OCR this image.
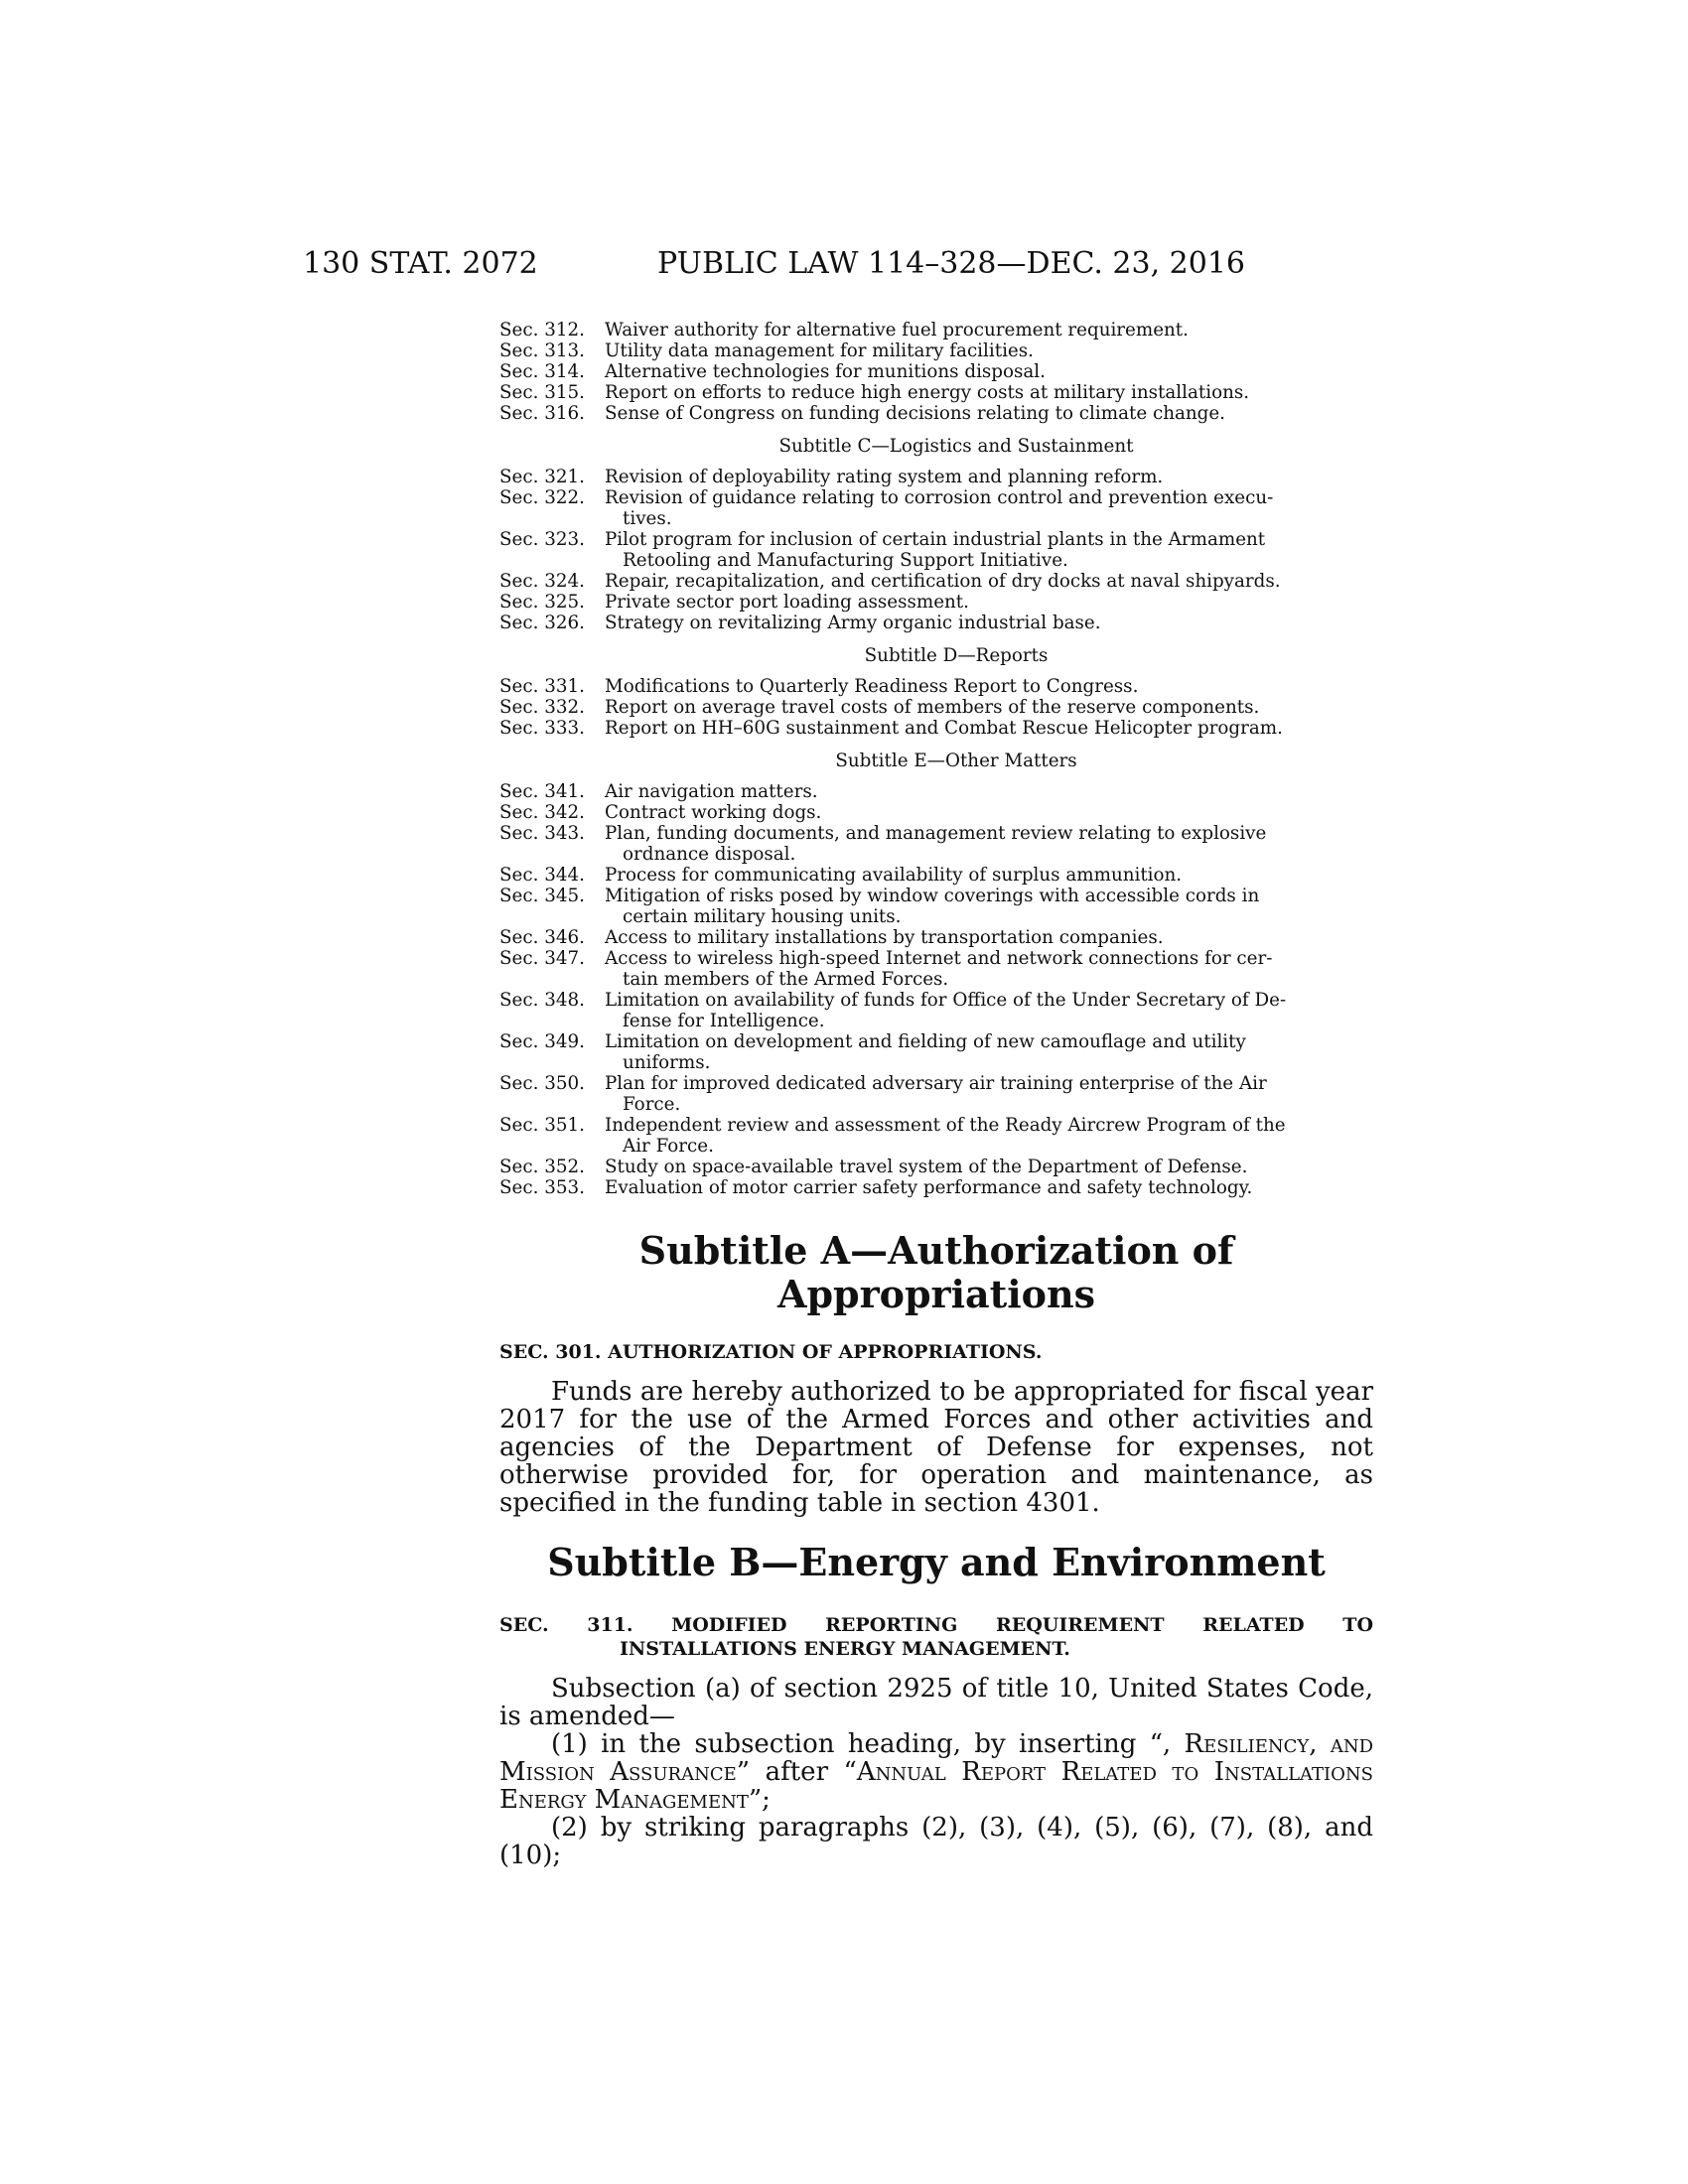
130 STAT. 2072	PUBLIC LAW 114–328—DEC. 23, 2016
Sec. 312.	Waiver authority for alternative fuel procurement requirement.
Sec. 313.	Utility data management for military facilities.
Sec. 314.	Alternative technologies for munitions disposal.
Sec. 315.	Report on efforts to reduce high energy costs at military installations.
Sec. 316.	Sense of Congress on funding decisions relating to climate change.
Subtitle C—Logistics and Sustainment
Sec. 321.	Revision of deployability rating system and planning reform.
Sec. 322.	Revision of guidance relating to corrosion control and prevention execu-
tives.
Sec. 323.	Pilot program for inclusion of certain industrial plants in the Armament
Retooling and Manufacturing Support Initiative.
Sec. 324.	Repair, recapitalization, and certification of dry docks at naval shipyards.
Sec. 325.	Private sector port loading assessment.
Sec. 326.	Strategy on revitalizing Army organic industrial base.
Subtitle D—Reports
Sec. 331.	Modifications to Quarterly Readiness Report to Congress.
Sec. 332.	Report on average travel costs of members of the reserve components.
Sec. 333.	Report on HH–60G sustainment and Combat Rescue Helicopter program.
Subtitle E—Other Matters
Sec. 341.	Air navigation matters.
Sec. 342.	Contract working dogs.
Sec. 343.	Plan, funding documents, and management review relating to explosive
ordnance disposal.
Sec. 344.	Process for communicating availability of surplus ammunition.
Sec. 345.	Mitigation of risks posed by window coverings with accessible cords in
certain military housing units.
Sec. 346.	Access to military installations by transportation companies.
Sec. 347.	Access to wireless high-speed Internet and network connections for cer-
tain members of the Armed Forces.
Sec. 348.	Limitation on availability of funds for Office of the Under Secretary of De-
fense for Intelligence.
Sec. 349.	Limitation on development and fielding of new camouflage and utility
uniforms.
Sec. 350.	Plan for improved dedicated adversary air training enterprise of the Air
Force.
Sec. 351.	Independent review and assessment of the Ready Aircrew Program of the
Air Force.
Sec. 352.	Study on space-available travel system of the Department of Defense.
Sec. 353.	Evaluation of motor carrier safety performance and safety technology.
Subtitle A—Authorization of
Appropriations
SEC. 301. AUTHORIZATION OF APPROPRIATIONS.

Funds are hereby authorized to be appropriated for fiscal year 2017 for the use of the Armed Forces and other activities and agencies of the Department of Defense for expenses, not otherwise provided for, for operation and maintenance, as specified in the funding table in section 4301.

Subtitle B—Energy and Environment
SEC. 311. MODIFIED REPORTING REQUIREMENT RELATED TO
INSTALLATIONS ENERGY MANAGEMENT.

Subsection (a) of section 2925 of title 10, United States Code, is amended—

(1) in the subsection heading, by inserting “, Resiliency, and Mission Assurance” after “Annual Report Related to Installations Energy Management”;

(2) by striking paragraphs (2), (3), (4), (5), (6), (7), (8), and (10);
